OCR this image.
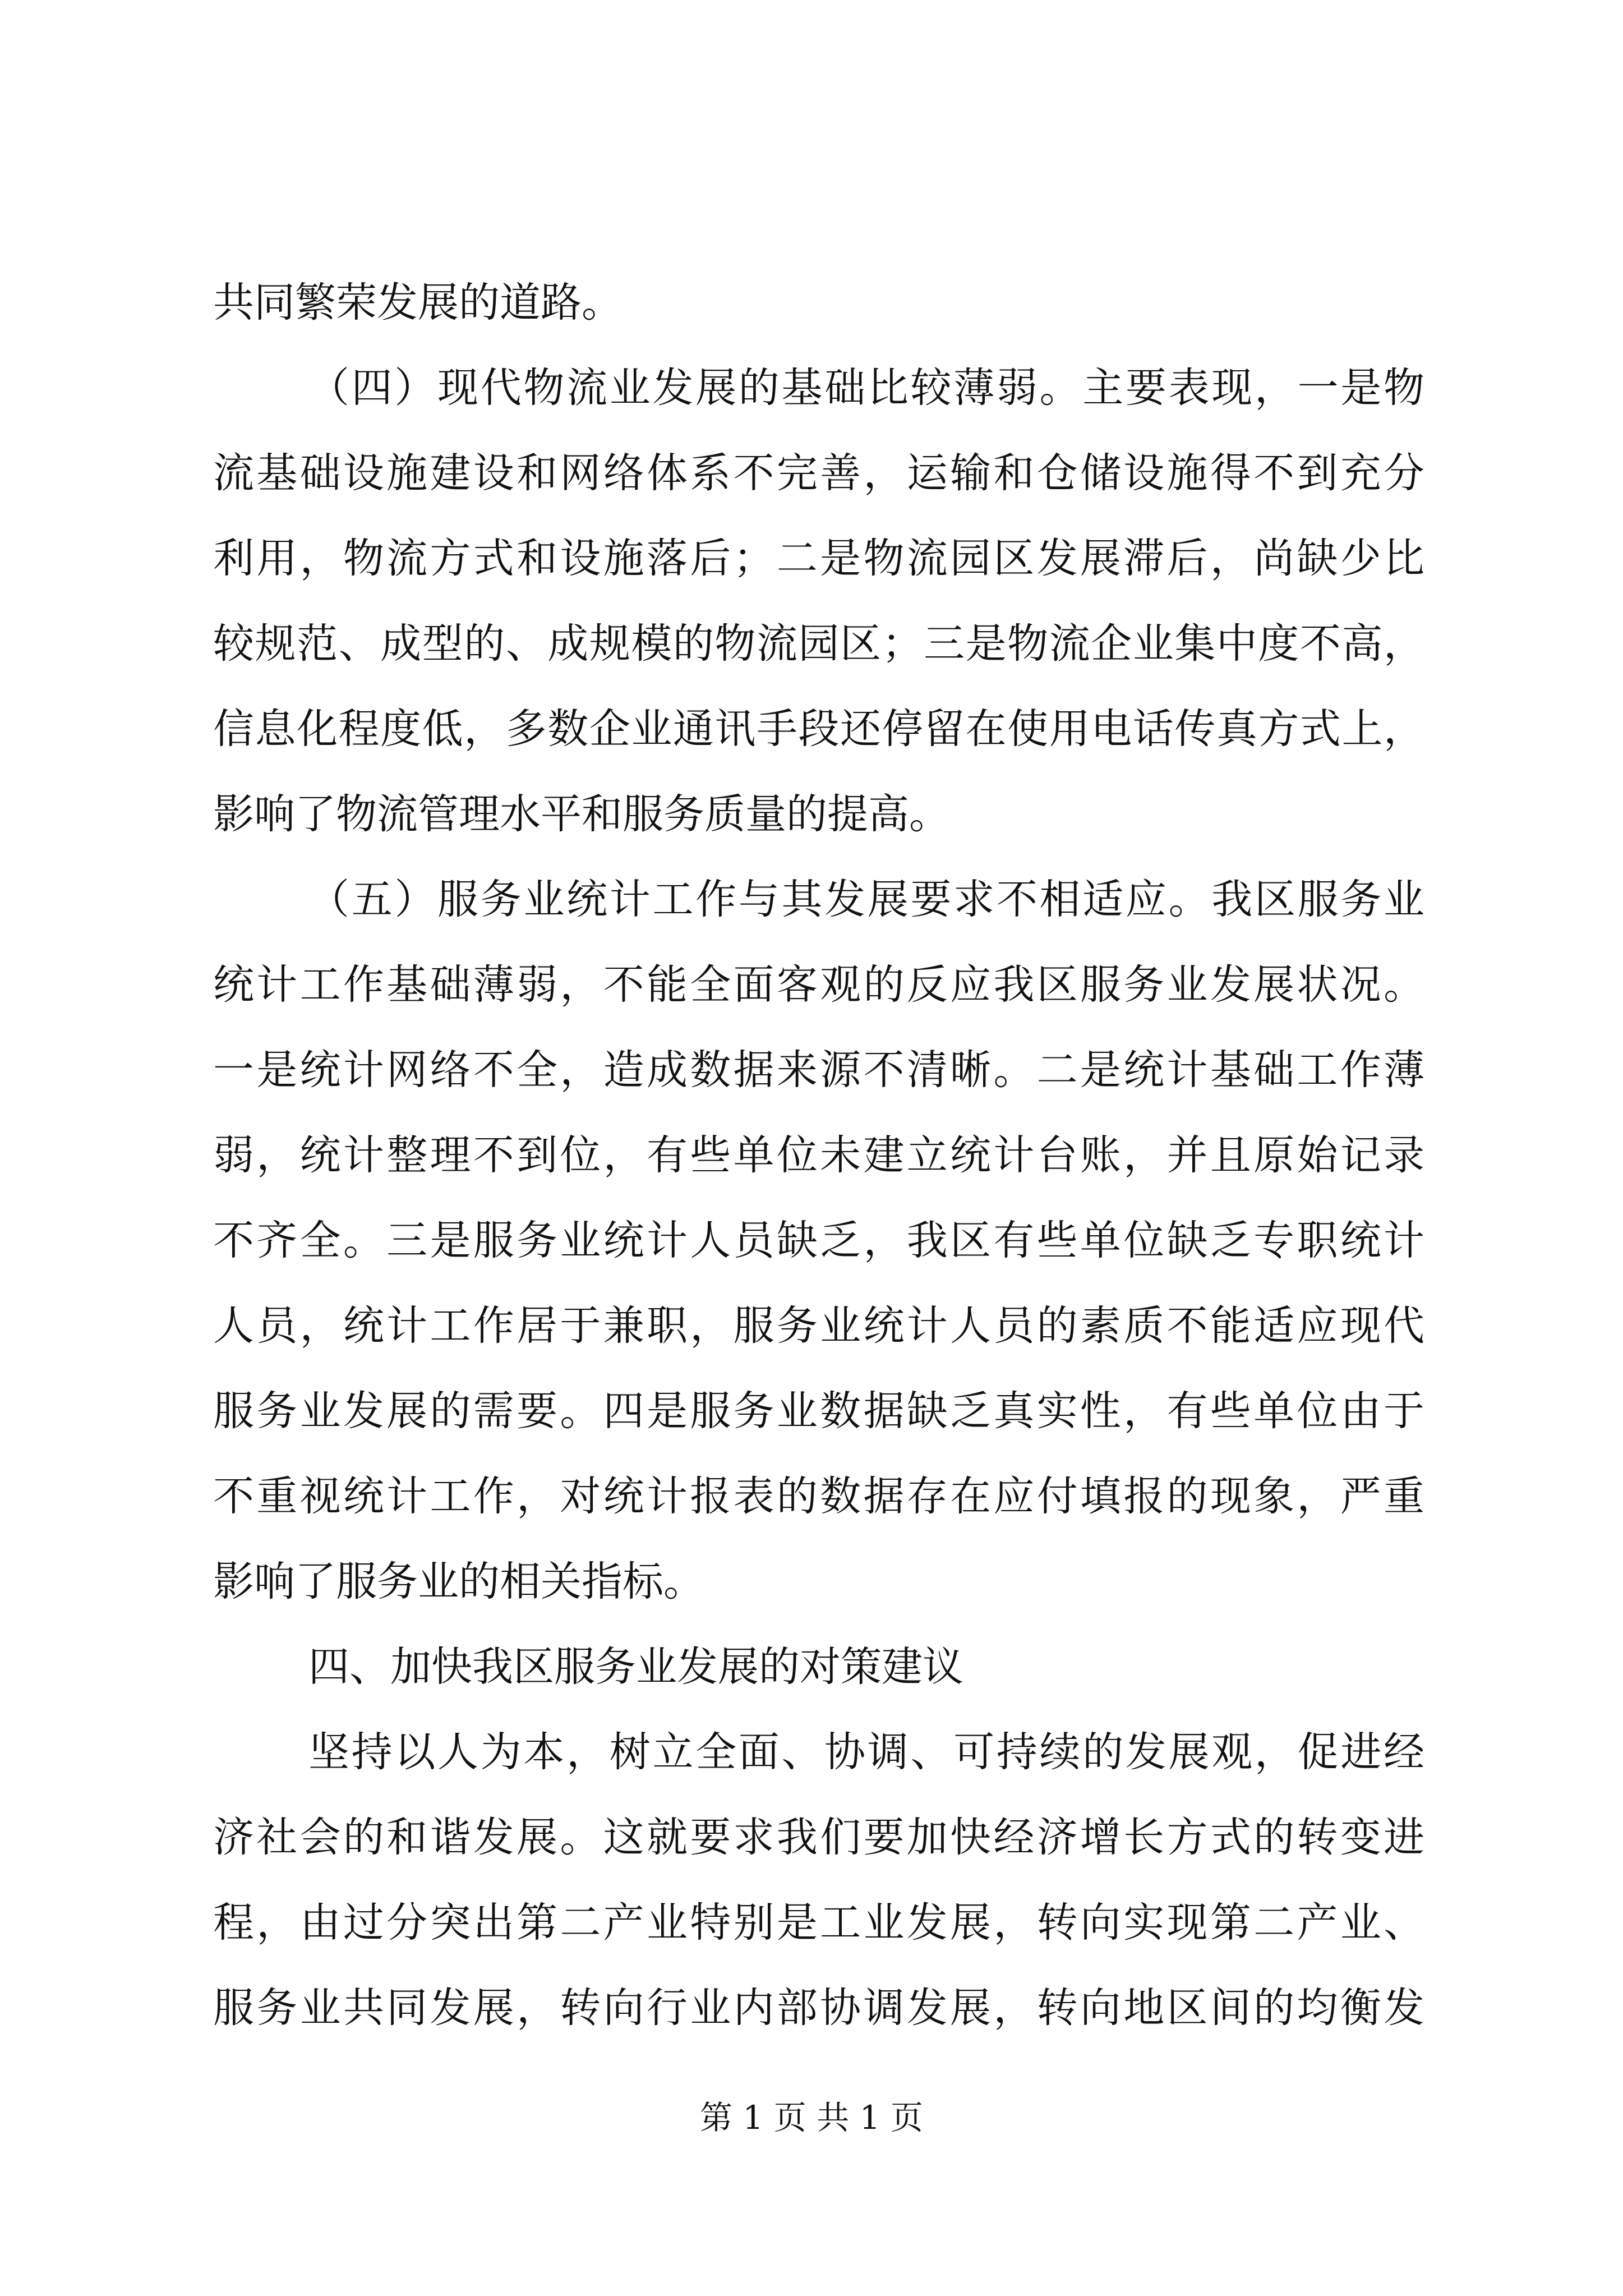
共同繁荣发展的道路。
（四）现代物流业发展的基础比较薄弱。主要表现，一是物
流基础设施建设和网络体系不完善，运输和仓储设施得不到充分
利用，物流方式和设施落后；二是物流园区发展滞后，尚缺少比
较规范、成型的、成规模的物流园区；三是物流企业集中度不高，
信息化程度低，多数企业通讯手段还停留在使用电话传真方式上，
影响了物流管理水平和服务质量的提高。
（五）服务业统计工作与其发展要求不相适应。我区服务业
统计工作基础薄弱，不能全面客观的反应我区服务业发展状况。
一是统计网络不全，造成数据来源不清晰。二是统计基础工作薄
弱，统计整理不到位，有些单位未建立统计台账，并且原始记录
不齐全。三是服务业统计人员缺乏，我区有些单位缺乏专职统计
人员，统计工作居于兼职，服务业统计人员的素质不能适应现代
服务业发展的需要。四是服务业数据缺乏真实性，有些单位由于
不重视统计工作，对统计报表的数据存在应付填报的现象，严重
影响了服务业的相关指标。
四、加快我区服务业发展的对策建议
坚持以人为本，树立全面、协调、可持续的发展观，促进经
济社会的和谐发展。这就要求我们要加快经济增长方式的转变进
程，由过分突出第二产业特别是工业发展，转向实现第二产业、
服务业共同发展，转向行业内部协调发展，转向地区间的均衡发
第 1 页 共 1 页
